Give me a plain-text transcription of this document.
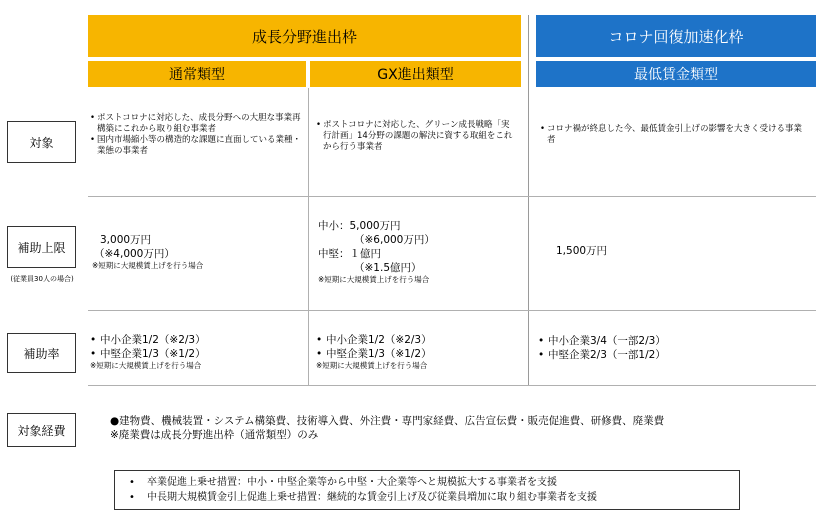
成長分野進出枠
通常類型	GX進出類型
コロナ回復加速化枠
最低賃金類型
対象
補助上限
(従業員30人の場合)
補助率
対象経費
• ポストコロナに対応した、成長分野への大胆な事業再構築にこれから取り組む事業者
• 国内市場縮小等の構造的な課題に直面している業種・業態の事業者
• ポストコロナに対応した、グリーン成長戦略「実行計画」14分野の課題の解決に資する取組をこれから行う事業者
• コロナ禍が終息した今、最低賃金引上げの影響を大きく受ける事業者
3,000万円
（※4,000万円）
※短期に大規模賃上げを行う場合
中小：5,000万円
（※6,000万円）
中堅：１億円
（※1.5億円）
※短期に大規模賃上げを行う場合
1,500万円
• 中小企業1/2（※2/3）
• 中堅企業1/3（※1/2）
※短期に大規模賃上げを行う場合
• 中小企業1/2（※2/3）
• 中堅企業1/3（※1/2）
※短期に大規模賃上げを行う場合
• 中小企業3/4（一部2/3）
• 中堅企業2/3（一部1/2）
●建物費、機械装置・システム構築費、技術導入費、外注費・専門家経費、広告宣伝費・販売促進費、研修費、廃業費
※廃業費は成長分野進出枠（通常類型）のみ
• 卒業促進上乗せ措置：中小・中堅企業等から中堅・大企業等へと規模拡大する事業者を支援
• 中長期大規模賃金引上促進上乗せ措置：継続的な賃金引上げ及び従業員増加に取り組む事業者を支援
